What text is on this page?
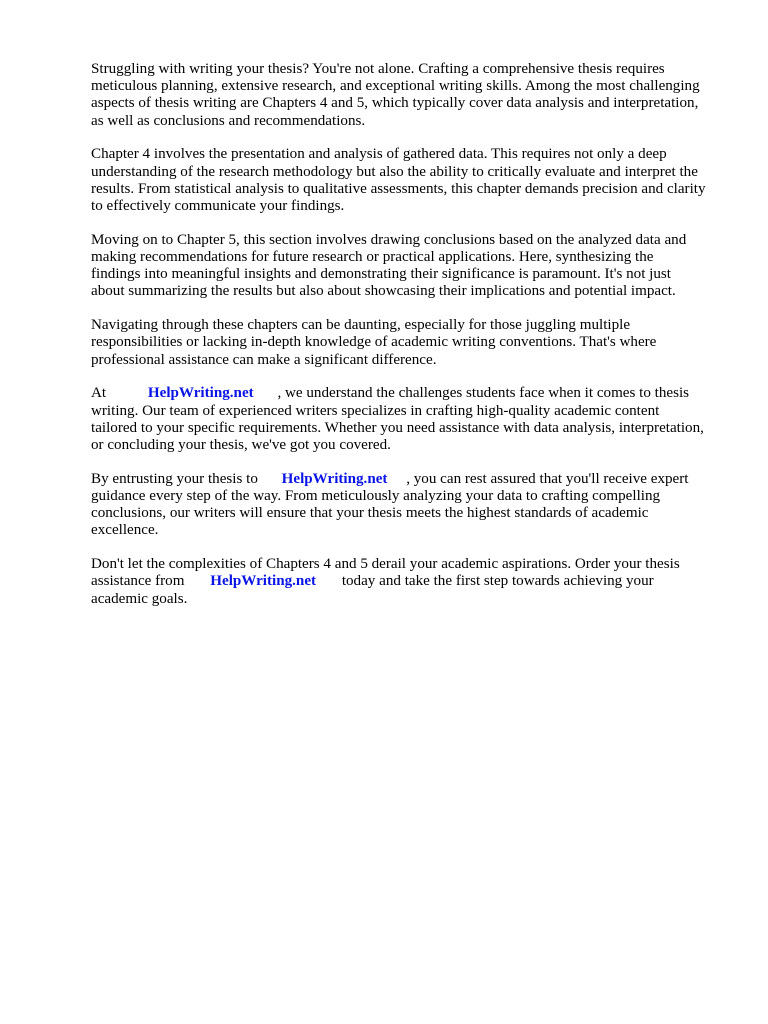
Struggling with writing your thesis? You're not alone. Crafting a comprehensive thesis requires
meticulous planning, extensive research, and exceptional writing skills. Among the most challenging
aspects of thesis writing are Chapters 4 and 5, which typically cover data analysis and interpretation,
as well as conclusions and recommendations.

Chapter 4 involves the presentation and analysis of gathered data. This requires not only a deep
understanding of the research methodology but also the ability to critically evaluate and interpret the
results. From statistical analysis to qualitative assessments, this chapter demands precision and clarity
to effectively communicate your findings.

Moving on to Chapter 5, this section involves drawing conclusions based on the analyzed data and
making recommendations for future research or practical applications. Here, synthesizing the
findings into meaningful insights and demonstrating their significance is paramount. It's not just
about summarizing the results but also about showcasing their implications and potential impact.

Navigating through these chapters can be daunting, especially for those juggling multiple
responsibilities or lacking in-depth knowledge of academic writing conventions. That's where
professional assistance can make a significant difference.

At	HelpWriting.net , we understand the challenges students face when it comes to thesis
writing. Our team of experienced writers specializes in crafting high-quality academic content
tailored to your specific requirements. Whether you need assistance with data analysis, interpretation,
or concluding your thesis, we've got you covered.

By entrusting your thesis to HelpWriting.net , you can rest assured that you'll receive expert
guidance every step of the way. From meticulously analyzing your data to crafting compelling
conclusions, our writers will ensure that your thesis meets the highest standards of academic
excellence.

Don't let the complexities of Chapters 4 and 5 derail your academic aspirations. Order your thesis
assistance from HelpWriting.net today and take the first step towards achieving your
academic goals.
